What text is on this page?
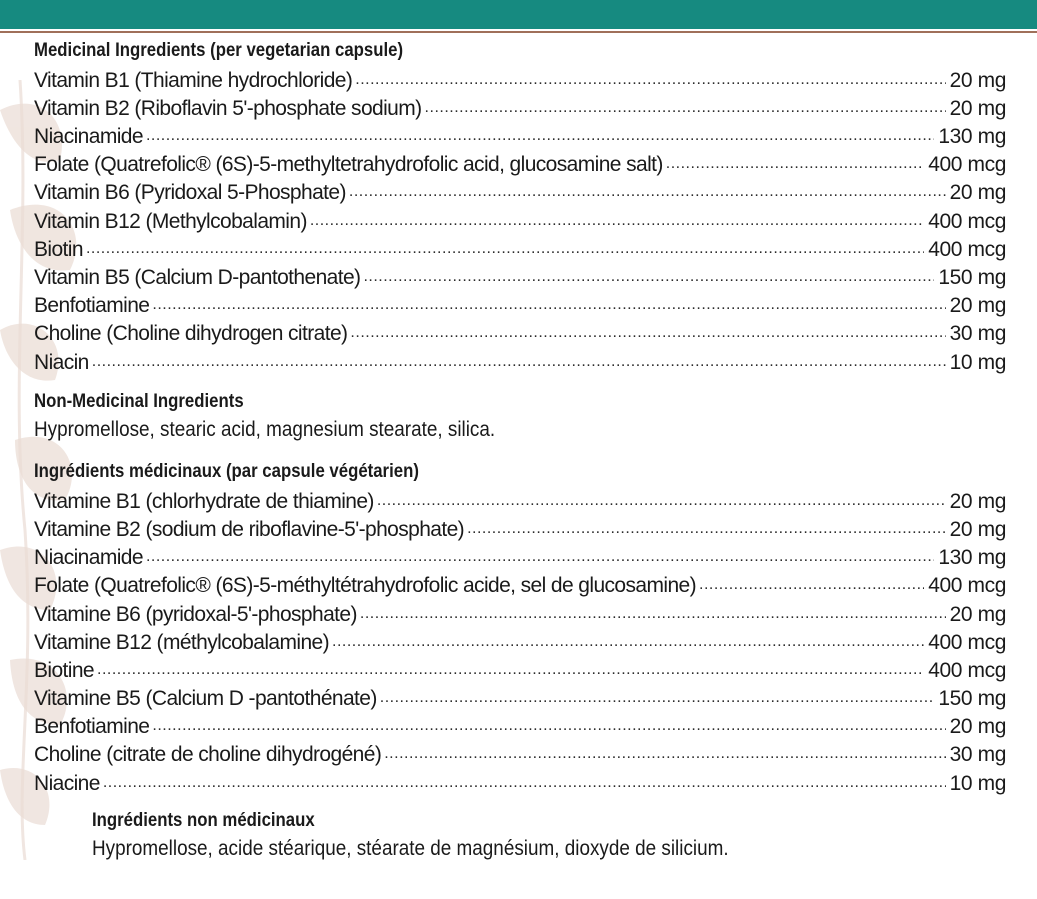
Medicinal Ingredients (per vegetarian capsule)
Vitamin B1 (Thiamine hydrochloride) .....	20 mg
Vitamin B2 (Riboflavin 5'-phosphate sodium) .....	20 mg
Niacinamide .....	130 mg
Folate (Quatrefolic® (6S)-5-methyltetrahydrofolic acid, glucosamine salt) .....	400 mcg
Vitamin B6 (Pyridoxal 5-Phosphate) .....	20 mg
Vitamin B12 (Methylcobalamin) .....	400 mcg
Biotin .....	400 mcg
Vitamin B5 (Calcium D-pantothenate) .....	150 mg
Benfotiamine .....	20 mg
Choline (Choline dihydrogen citrate) .....	30 mg
Niacin .....	10 mg
Non-Medicinal Ingredients
Hypromellose, stearic acid, magnesium stearate, silica.
Ingrédients médicinaux (par capsule végétarien)
Vitamine B1 (chlorhydrate de thiamine) .....	20 mg
Vitamine B2 (sodium de riboflavine-5'-phosphate) .....	20 mg
Niacinamide .....	130 mg
Folate (Quatrefolic® (6S)-5-méthyltétrahydrofolic acide, sel de glucosamine) .....	400 mcg
Vitamine B6 (pyridoxal-5'-phosphate) .....	20 mg
Vitamine B12 (méthylcobalamine) .....	400 mcg
Biotine .....	400 mcg
Vitamine B5 (Calcium D -pantothénate) .....	150 mg
Benfotiamine .....	20 mg
Choline (citrate de choline dihydrogéné) .....	30 mg
Niacine .....	10 mg
Ingrédients non médicinaux
Hypromellose, acide stéarique, stéarate de magnésium, dioxyde de silicium.
